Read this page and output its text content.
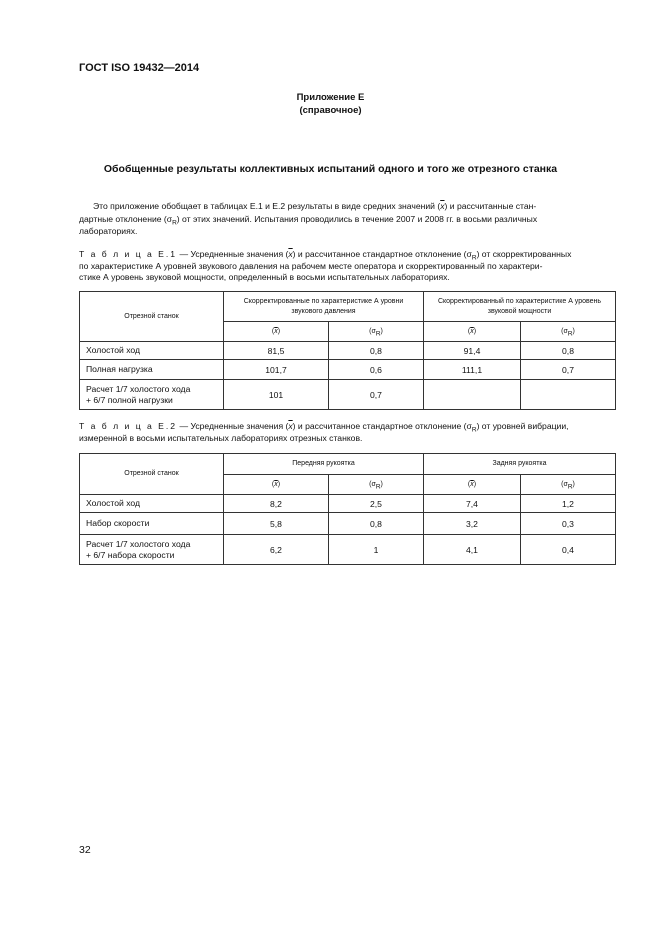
ГОСТ ISO 19432—2014
Приложение Е
(справочное)
Обобщенные результаты коллективных испытаний одного и того же отрезного станка
Это приложение обобщает в таблицах Е.1 и Е.2 результаты в виде средних значений $(\overline{x})$ и рассчитанные стан-
дартные отклонение $(\sigma_R)$ от этих значений. Испытания проводились в течение 2007 и 2008 гг. в восьми различных
лабораториях.
Т а б л и ц а Е.1 — Усредненные значения $(\overline{x})$ и рассчитанное стандартное отклонение $(\sigma_R)$ от скорректированных
по характеристике А уровней звукового давления на рабочем месте оператора и скорректированный по характери-
стике А уровень звуковой мощности, определенный в восьми испытательных лабораториях.
Отрезной станок	Скорректированные по характеристике А уровни звукового давления		Скорректированный по характеристике А уровень звуковой мощности	
	$(\overline{x})$	$(\sigma_R)$	$(\overline{x})$	$(\sigma_R)$
Холостой ход	81,5	0,8	91,4	0,8
Полная нагрузка	101,7	0,6	111,1	0,7

Расчет 1/7 холостого хода
+ 6/7 полной нагрузки	101	0,7		
Т а б л и ц а Е.2 — Усредненные значения $(\overline{x})$ и рассчитанное стандартное отклонение $(\sigma_R)$ от уровней вибрации,
измеренной в восьми испытательных лабораториях отрезных станков.
Отрезной станок	Передняя рукоятка		Задняя рукоятка	
	$(\overline{x})$	$(\sigma_R)$	$(\overline{x})$	$(\sigma_R)$
Холостой ход	8,2	2,5	7,4	1,2
Набор скорости	5,8	0,8	3,2	0,3

Расчет 1/7 холостого хода
+ 6/7 набора скорости	6,2	1	4,1	0,4
32
